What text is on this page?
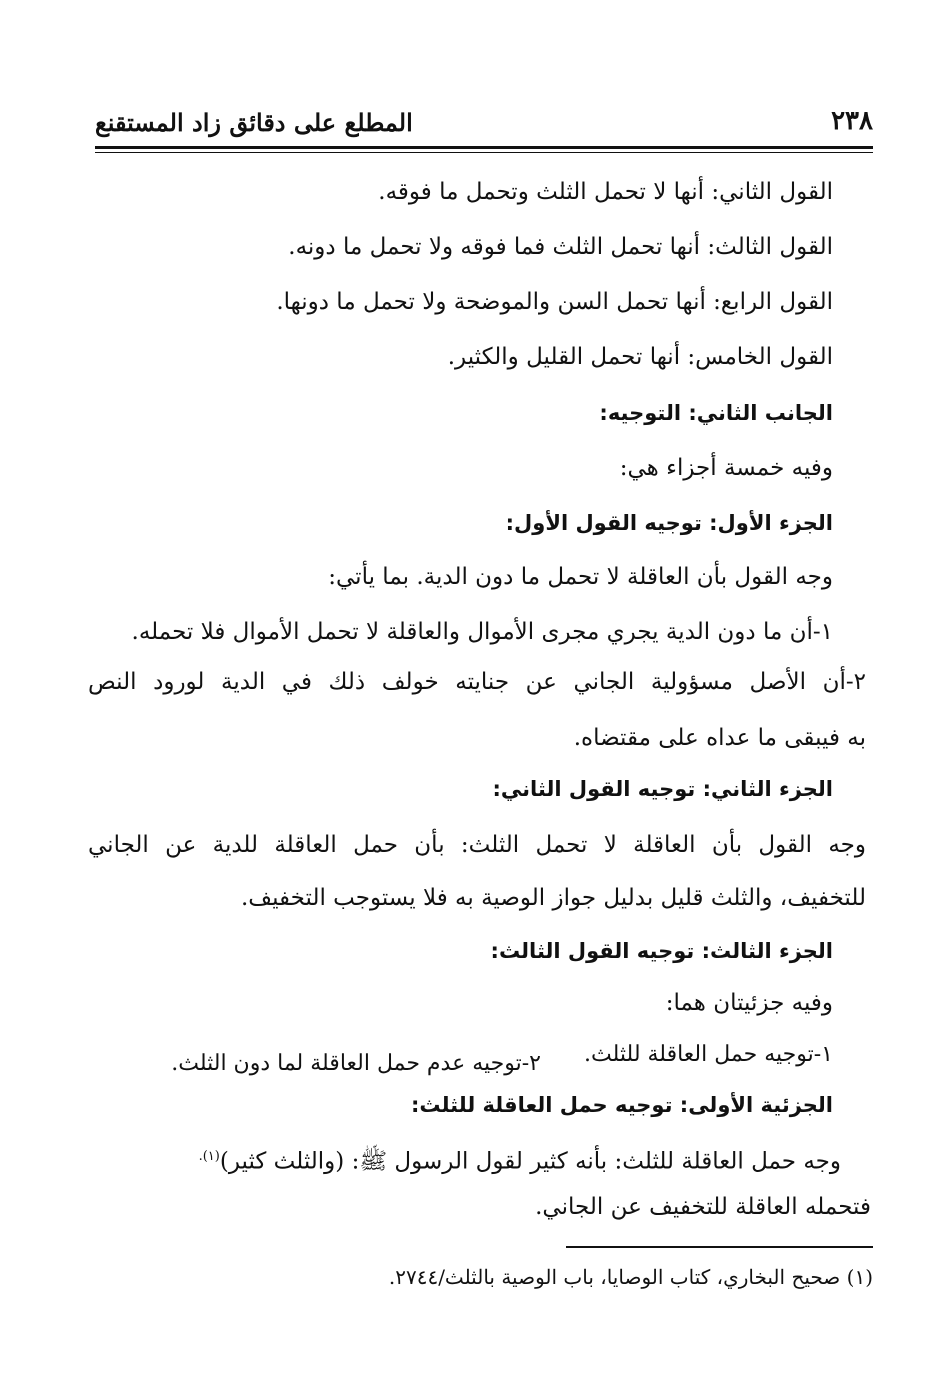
٢٣٨
المطلع على دقائق زاد المستقنع
القول الثاني: أنها لا تحمل الثلث وتحمل ما فوقه.
القول الثالث: أنها تحمل الثلث فما فوقه ولا تحمل ما دونه.
القول الرابع: أنها تحمل السن والموضحة ولا تحمل ما دونها.
القول الخامس: أنها تحمل القليل والكثير.
الجانب الثاني: التوجيه:
وفيه خمسة أجزاء هي:
الجزء الأول: توجيه القول الأول:
وجه القول بأن العاقلة لا تحمل ما دون الدية. بما يأتي:
١-أن ما دون الدية يجري مجرى الأموال والعاقلة لا تحمل الأموال فلا تحمله.
٢-أن الأصل مسؤولية الجاني عن جنايته خولف ذلك في الدية لورود النص
به فيبقى ما عداه على مقتضاه.
الجزء الثاني: توجيه القول الثاني:
وجه القول بأن العاقلة لا تحمل الثلث: بأن حمل العاقلة للدية عن الجاني
للتخفيف، والثلث قليل بدليل جواز الوصية به فلا يستوجب التخفيف.
الجزء الثالث: توجيه القول الثالث:
وفيه جزئيتان هما:
١-توجيه حمل العاقلة للثلث.
٢-توجيه عدم حمل العاقلة لما دون الثلث.
الجزئية الأولى: توجيه حمل العاقلة للثلث:
وجه حمل العاقلة للثلث: بأنه كثير لقول الرسول ﷺ: (والثلث كثير)$^{(١).}$
فتحمله العاقلة للتخفيف عن الجاني.
(١) صحيح البخاري، كتاب الوصايا، باب الوصية بالثلث/٢٧٤٤.
